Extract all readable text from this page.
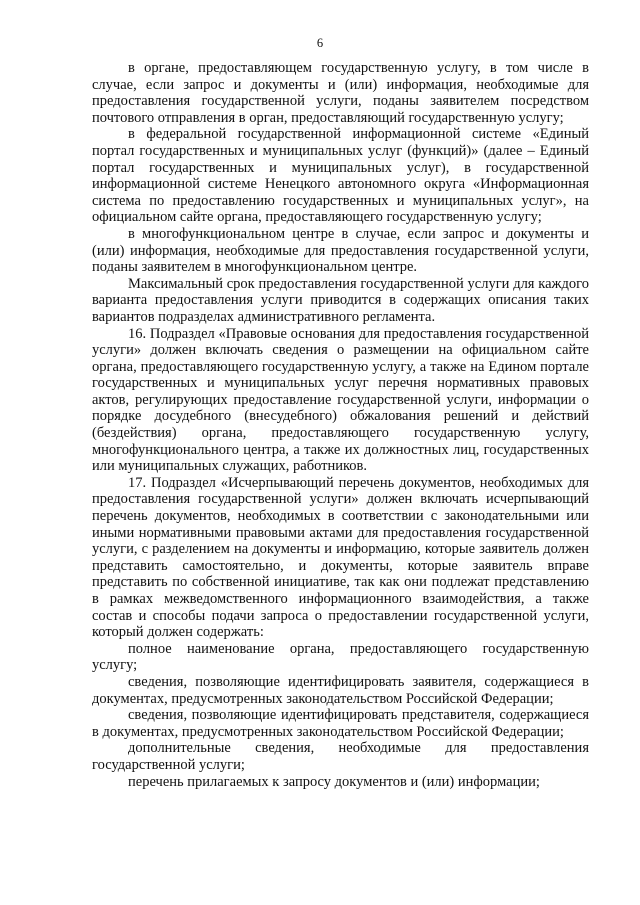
6

в органе, предоставляющем государственную услугу, в том числе в случае, если запрос и документы и (или) информация, необходимые для предоставления государственной услуги, поданы заявителем посредством почтового отправления в орган, предоставляющий государственную услугу;

в федеральной государственной информационной системе «Единый портал государственных и муниципальных услуг (функций)» (далее – Единый портал государственных и муниципальных услуг), в государственной информационной системе Ненецкого автономного округа «Информационная система по предоставлению государственных и муниципальных услуг», на официальном сайте органа, предоставляющего государственную услугу;

в многофункциональном центре в случае, если запрос и документы и (или) информация, необходимые для предоставления государственной услуги, поданы заявителем в многофункциональном центре.

Максимальный срок предоставления государственной услуги для каждого варианта предоставления услуги приводится в содержащих описания таких вариантов подразделах административного регламента.

16. Подраздел «Правовые основания для предоставления государственной услуги» должен включать сведения о размещении на официальном сайте органа, предоставляющего государственную услугу, а также на Едином портале государственных и муниципальных услуг перечня нормативных правовых актов, регулирующих предоставление государственной услуги, информации о порядке досудебного (внесудебного) обжалования решений и действий (бездействия) органа, предоставляющего государственную услугу, многофункционального центра, а также их должностных лиц, государственных или муниципальных служащих, работников.

17. Подраздел «Исчерпывающий перечень документов, необходимых для предоставления государственной услуги» должен включать исчерпывающий перечень документов, необходимых в соответствии с законодательными или иными нормативными правовыми актами для предоставления государственной услуги, с разделением на документы и информацию, которые заявитель должен представить самостоятельно, и документы, которые заявитель вправе представить по собственной инициативе, так как они подлежат представлению в рамках межведомственного информационного взаимодействия, а также состав и способы подачи запроса о предоставлении государственной услуги, который должен содержать:

полное наименование органа, предоставляющего государственную услугу;

сведения, позволяющие идентифицировать заявителя, содержащиеся в документах, предусмотренных законодательством Российской Федерации;

сведения, позволяющие идентифицировать представителя, содержащиеся в документах, предусмотренных законодательством Российской Федерации;

дополнительные сведения, необходимые для предоставления государственной услуги;

перечень прилагаемых к запросу документов и (или) информации;
